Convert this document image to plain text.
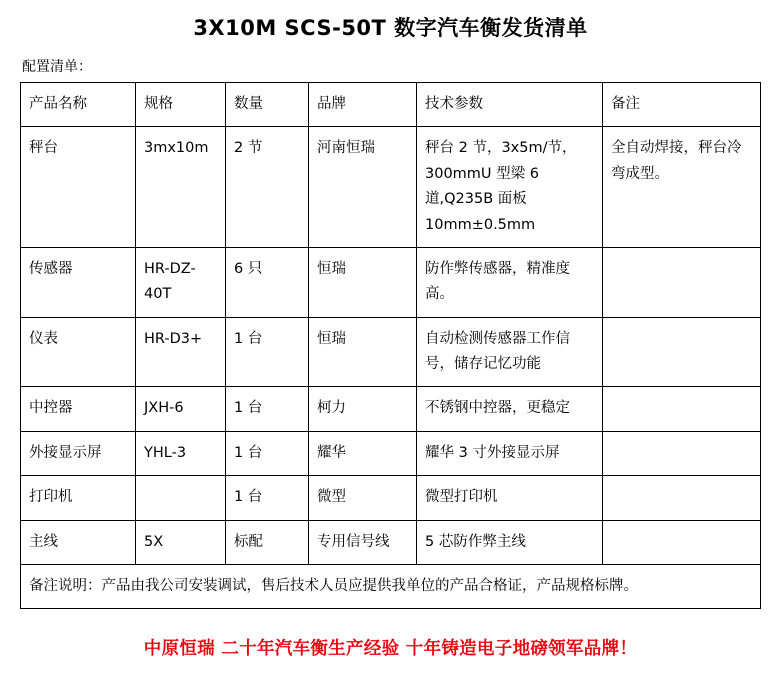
3X10M SCS-50T 数字汽车衡发货清单
配置清单：
产品名称	规格	数量	品牌	技术参数	备注
秤台	3mx10m	2 节	河南恒瑞	秤台 2 节，3x5m/节，300mmU 型梁 6 道,Q235B 面板 10mm±0.5mm	全自动焊接，秤台冷弯成型。
传感器	HR-DZ-40T	6 只	恒瑞	防作弊传感器，精准度高。	
仪表	HR-D3+	1 台	恒瑞	自动检测传感器工作信号，储存记忆功能	
中控器	JXH-6	1 台	柯力	不锈钢中控器，更稳定	
外接显示屏	YHL-3	1 台	耀华	耀华 3 寸外接显示屏	
打印机		1 台	微型	微型打印机	
主线	5X	标配	专用信号线	5 芯防作弊主线	
备注说明：产品由我公司安装调试，售后技术人员应提供我单位的产品合格证，产品规格标牌。					
中原恒瑞 二十年汽车衡生产经验 十年铸造电子地磅领军品牌！
